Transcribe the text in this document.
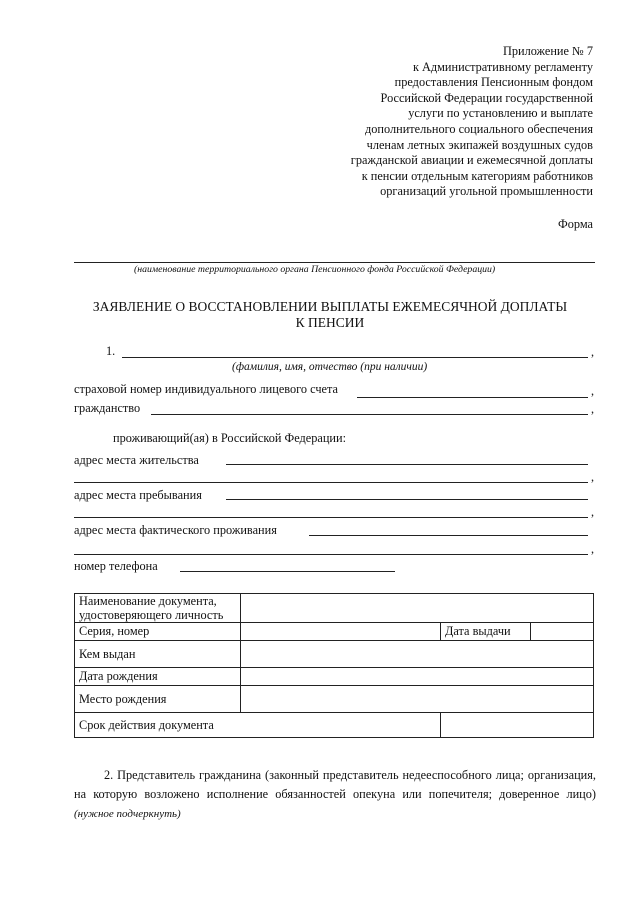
Приложение № 7
к Административному регламенту
предоставления Пенсионным фондом
Российской Федерации государственной
услуги по установлению и выплате
дополнительного социального обеспечения
членам летных экипажей воздушных судов
гражданской авиации и ежемесячной доплаты
к пенсии отдельным категориям работников
организаций угольной промышленности
Форма
(наименование территориального органа Пенсионного фонда Российской Федерации)
ЗАЯВЛЕНИЕ О ВОССТАНОВЛЕНИИ ВЫПЛАТЫ ЕЖЕМЕСЯЧНОЙ ДОПЛАТЫ
К ПЕНСИИ
1.	,
(фамилия, имя, отчество (при наличии)
страховой номер индивидуального лицевого счета	,
гражданство	,
проживающий(ая) в Российской Федерации:
адрес места жительства
,
адрес места пребывания
,
адрес места фактического проживания
,
номер телефона
Наименование документа,
удостоверяющего личность		

Серия, номер		Дата выдачи

Кем выдан		
Дата рождения		
Место рождения		
Срок действия документа		
2. Представитель гражданина (законный представитель недееспособного лица; организация, на которую возложено исполнение обязанностей опекуна или попечителя; доверенное лицо) (нужное подчеркнуть)
